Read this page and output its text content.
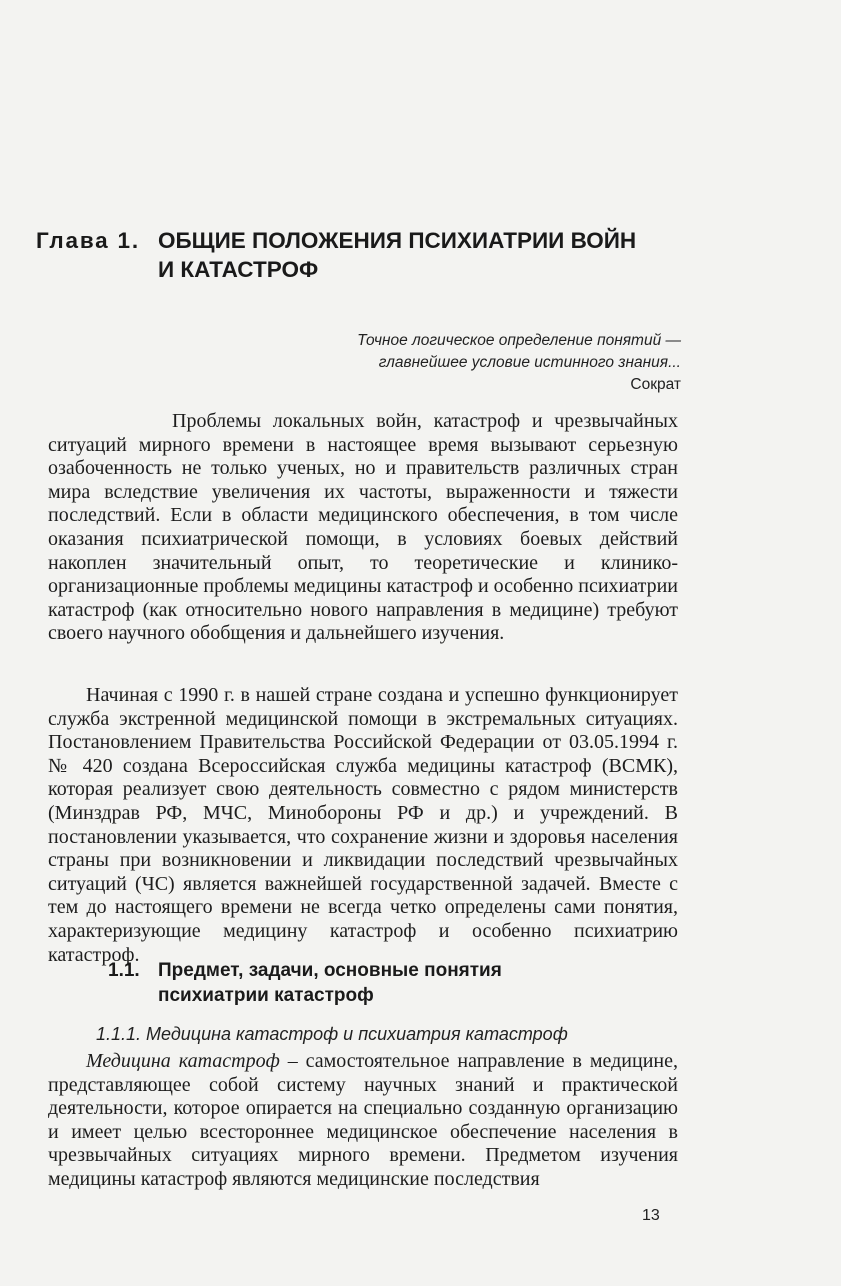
Глава 1. ОБЩИЕ ПОЛОЖЕНИЯ ПСИХИАТРИИ ВОЙН
И КАТАСТРОФ
Точное логическое определение понятий —
главнейшее условие истинного знания...
Сократ

Проблемы локальных войн, катастроф и чрезвычайных ситуаций мирного времени в настоящее время вызывают серьезную озабоченность не только ученых, но и правительств различных стран мира вследствие увеличения их частоты, выраженности и тяжести последствий. Если в области медицинского обеспечения, в том числе оказания психиатрической помощи, в условиях боевых действий накоплен значительный опыт, то теоретические и клинико-организационные проблемы медицины катастроф и особенно психиатрии катастроф (как относительно нового направления в медицине) требуют своего научного обобщения и дальнейшего изучения.

Начиная с 1990 г. в нашей стране создана и успешно функционирует служба экстренной медицинской помощи в экстремальных ситуациях. Постановлением Правительства Российской Федерации от 03.05.1994 г. № 420 создана Всероссийская служба медицины катастроф (ВСМК), которая реализует свою деятельность совместно с рядом министерств (Минздрав РФ, МЧС, Минобороны РФ и др.) и учреждений. В постановлении указывается, что сохранение жизни и здоровья населения страны при возникновении и ликвидации последствий чрезвычайных ситуаций (ЧС) является важнейшей государственной задачей. Вместе с тем до настоящего времени не всегда четко определены сами понятия, характеризующие медицину катастроф и особенно психиатрию катастроф.

1.1. Предмет, задачи, основные понятия
психиатрии катастроф
1.1.1. Медицина катастроф и психиатрия катастроф

Медицина катастроф – самостоятельное направление в медицине, представляющее собой систему научных знаний и практической деятельности, которое опирается на специально созданную организацию и имеет целью всестороннее медицинское обеспечение населения в чрезвычайных ситуациях мирного времени. Предметом изучения медицины катастроф являются медицинские последствия

13
